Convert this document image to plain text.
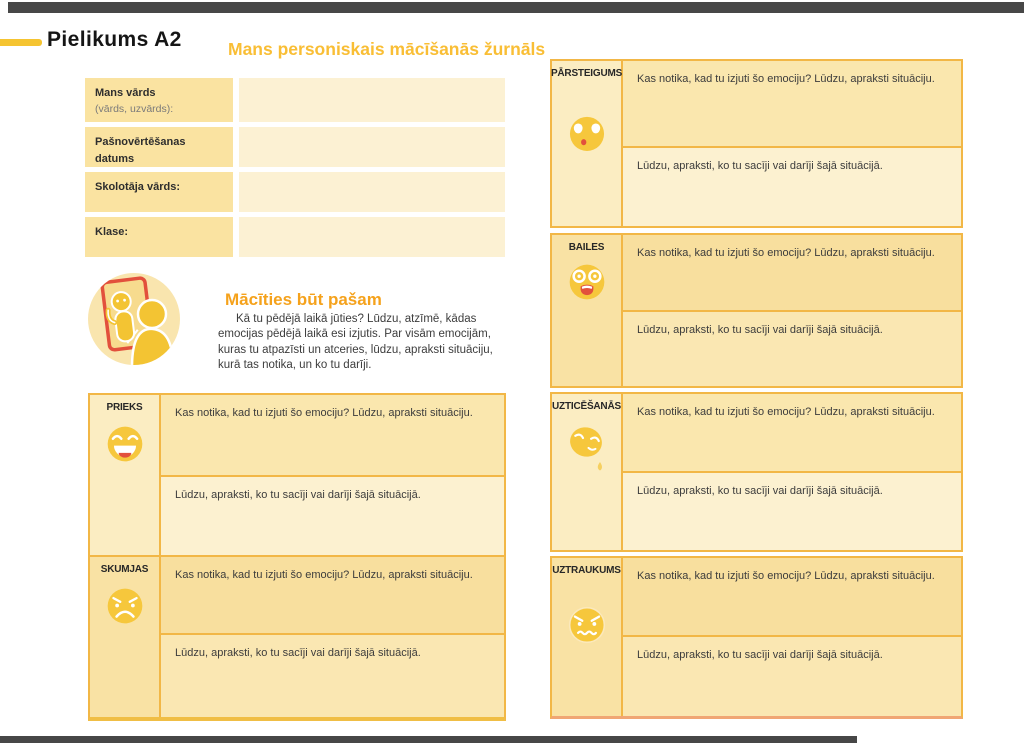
Pielikums A2	Mans personiskais mācīšanās žurnāls
Mans vārds
(vārds, uzvārds):
Pašnovērtēšanas datums
Skolotāja vārds:
Klase:
Mācīties būt pašam
Kā tu pēdējā laikā jūties? Lūdzu, atzīmē, kādas emocijas pēdējā laikā esi izjutis. Par visām emocijām, kuras tu atpazīsti un atceries, lūdzu, apraksti situāciju, kurā tas notika, un ko tu darīji.
PRIEKS	Kas notika, kad tu izjuti šo emociju? Lūdzu, apraksti situāciju.
Lūdzu, apraksti, ko tu sacīji vai darīji šajā situācijā.
SKUMJAS	Kas notika, kad tu izjuti šo emociju? Lūdzu, apraksti situāciju.
Lūdzu, apraksti, ko tu sacīji vai darīji šajā situācijā.
PĀRSTEIGUMS	Kas notika, kad tu izjuti šo emociju? Lūdzu, apraksti situāciju.
Lūdzu, apraksti, ko tu sacīji vai darīji šajā situācijā.
BAILES	Kas notika, kad tu izjuti šo emociju? Lūdzu, apraksti situāciju.
Lūdzu, apraksti, ko tu sacīji vai darīji šajā situācijā.
UZTICĒŠANĀS	Kas notika, kad tu izjuti šo emociju? Lūdzu, apraksti situāciju.
Lūdzu, apraksti, ko tu sacīji vai darīji šajā situācijā.
UZTRAUKUMS	Kas notika, kad tu izjuti šo emociju? Lūdzu, apraksti situāciju.
Lūdzu, apraksti, ko tu sacīji vai darīji šajā situācijā.
